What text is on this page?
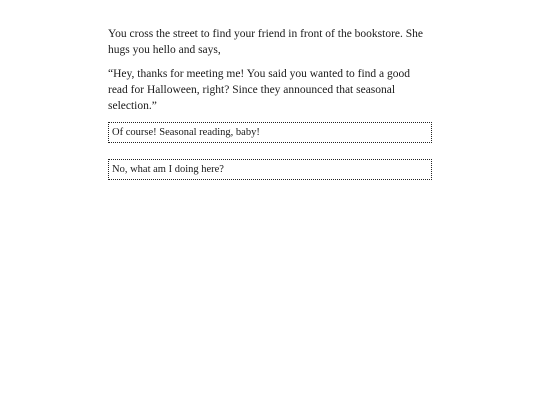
You cross the street to find your friend in front of the bookstore. She hugs you hello and says,

“Hey, thanks for meeting me! You said you wanted to find a good read for Halloween, right? Since they announced that seasonal selection.”

Of course! Seasonal reading, baby!
No, what am I doing here?
